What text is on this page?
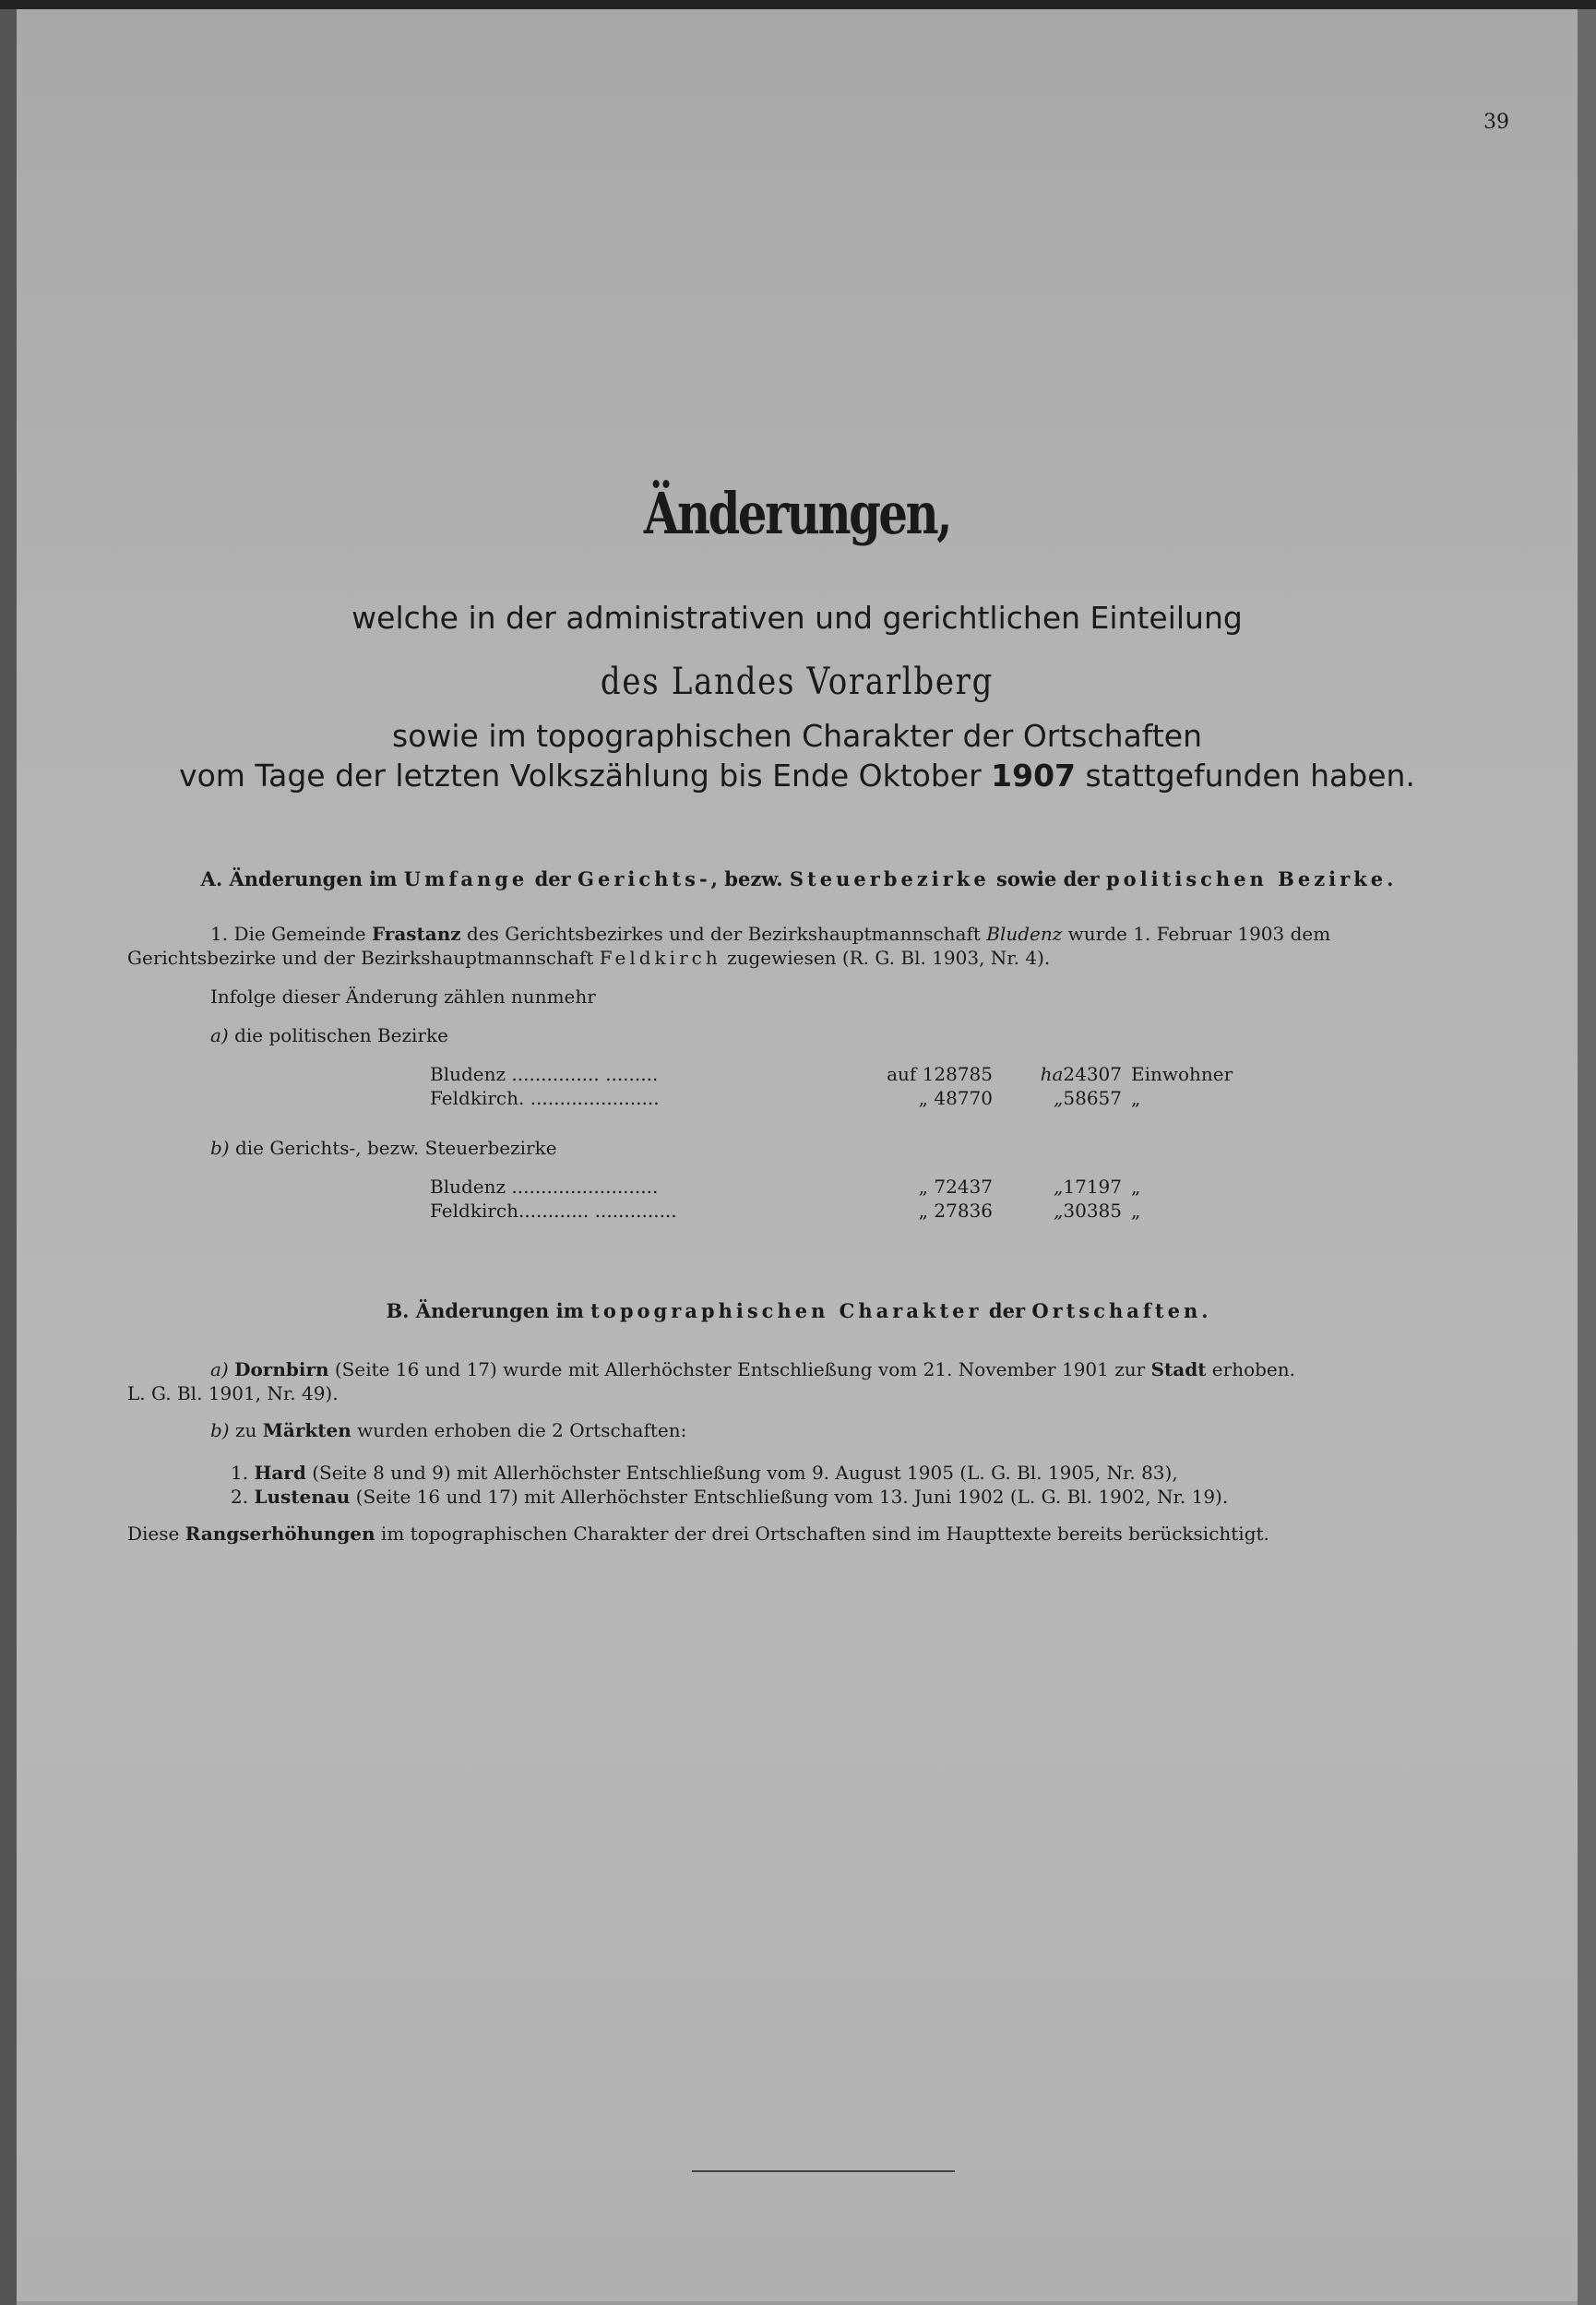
39
Änderungen,
welche in der administrativen und gerichtlichen Einteilung
des Landes Vorarlberg
sowie im topographischen Charakter der Ortschaften
vom Tage der letzten Volkszählung bis Ende Oktober 1907 stattgefunden haben.
A. Änderungen im Umfange der Gerichts-, bezw. Steuerbezirke sowie der politischen Bezirke.
1. Die Gemeinde Frastanz des Gerichtsbezirkes und der Bezirkshauptmannschaft Bludenz wurde 1. Februar 1903 dem
Gerichtsbezirke und der Bezirkshauptmannschaft Feldkirch zugewiesen (R. G. Bl. 1903, Nr. 4).
Infolge dieser Änderung zählen nunmehr
a) die politischen Bezirke
Bludenz ............... .........	auf 128785	ha24307 Einwohner
Feldkirch. ......................	„ 48770	„58657 „
b) die Gerichts-, bezw. Steuerbezirke
Bludenz .........................	„ 72437	„17197 „
Feldkirch............ ..............	„ 27836	„30385 „
B. Änderungen im topographischen Charakter der Ortschaften.
a) Dornbirn (Seite 16 und 17) wurde mit Allerhöchster Entschließung vom 21. November 1901 zur Stadt erhoben.
L. G. Bl. 1901, Nr. 49).
b) zu Märkten wurden erhoben die 2 Ortschaften:
1. Hard (Seite 8 und 9) mit Allerhöchster Entschließung vom 9. August 1905 (L. G. Bl. 1905, Nr. 83),
2. Lustenau (Seite 16 und 17) mit Allerhöchster Entschließung vom 13. Juni 1902 (L. G. Bl. 1902, Nr. 19).
Diese Rangserhöhungen im topographischen Charakter der drei Ortschaften sind im Haupttexte bereits berücksichtigt.
